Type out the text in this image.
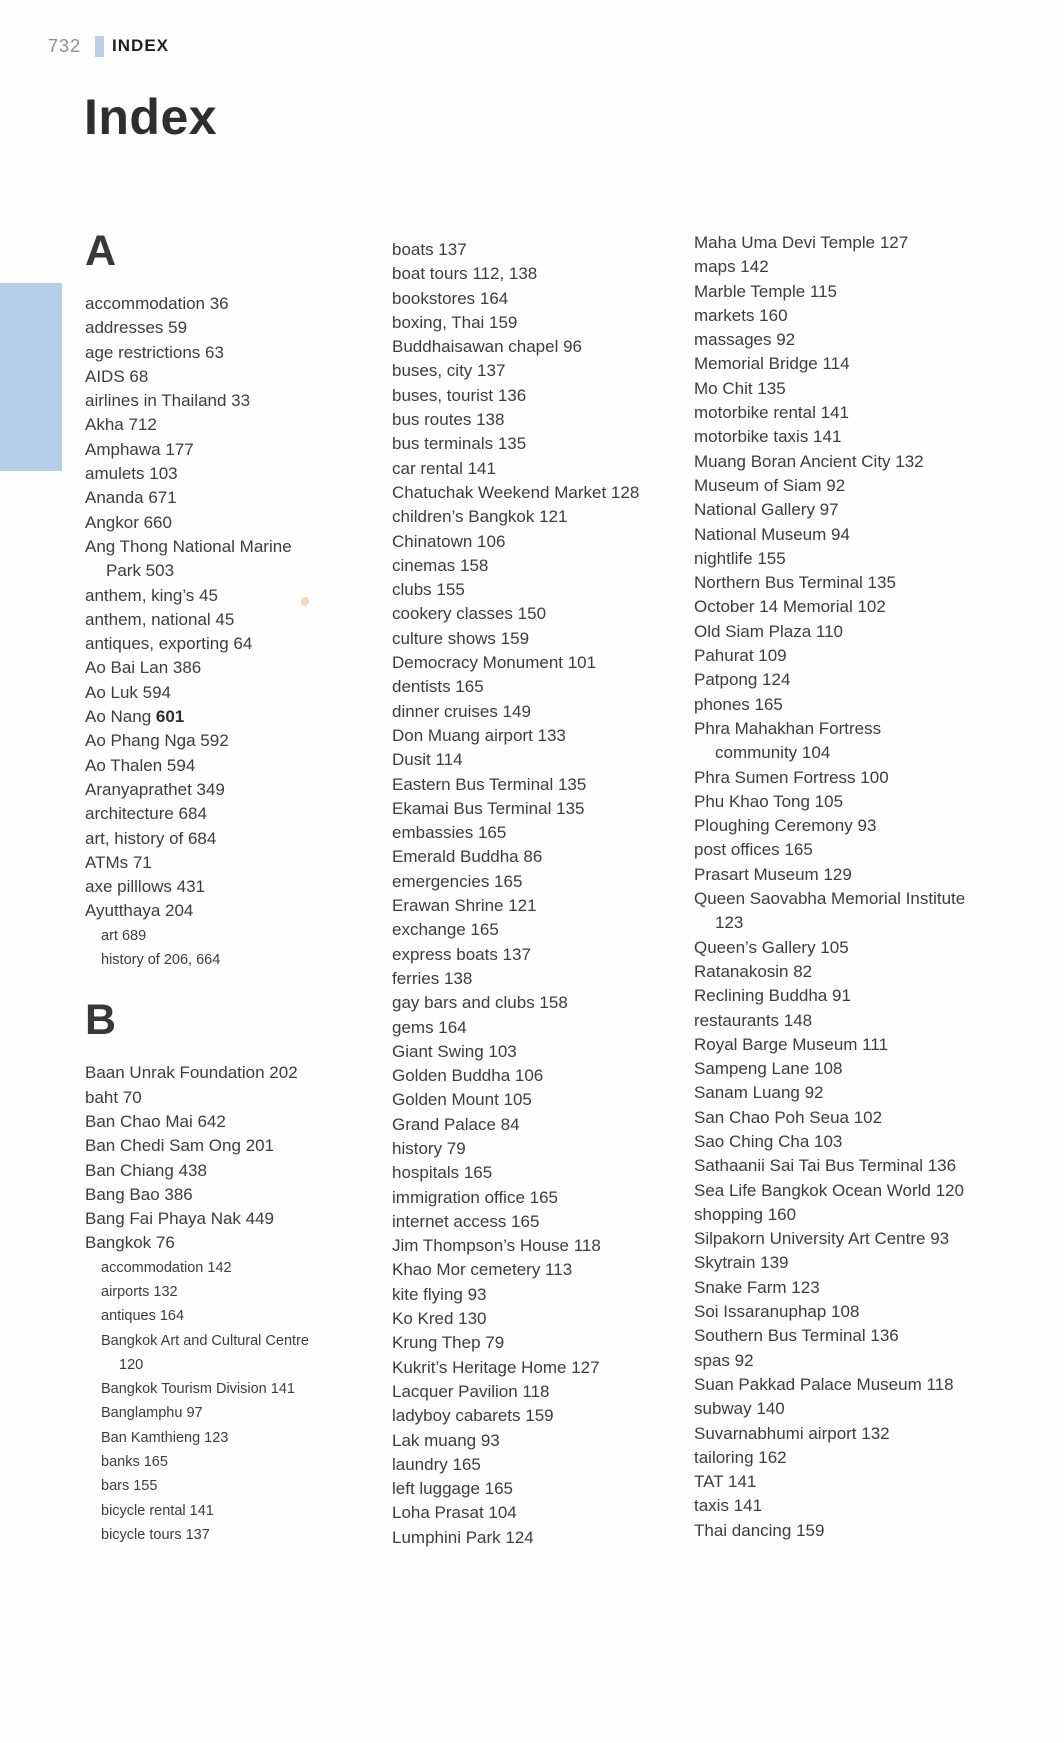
732 INDEX
Index
A
accommodation 36
addresses 59
age restrictions 63
AIDS 68
airlines in Thailand 33
Akha 712
Amphawa 177
amulets 103
Ananda 671
Angkor 660
Ang Thong National Marine
Park 503
anthem, king’s 45
anthem, national 45
antiques, exporting 64
Ao Bai Lan 386
Ao Luk 594
Ao Nang 601
Ao Phang Nga 592
Ao Thalen 594
Aranyaprathet 349
architecture 684
art, history of 684
ATMs 71
axe pilllows 431
Ayutthaya 204
art 689
history of 206, 664
B
Baan Unrak Foundation 202
baht 70
Ban Chao Mai 642
Ban Chedi Sam Ong 201
Ban Chiang 438
Bang Bao 386
Bang Fai Phaya Nak 449
Bangkok 76
accommodation 142
airports 132
antiques 164
Bangkok Art and Cultural Centre
120
Bangkok Tourism Division 141
Banglamphu 97
Ban Kamthieng 123
banks 165
bars 155
bicycle rental 141
bicycle tours 137
boats 137
boat tours 112, 138
bookstores 164
boxing, Thai 159
Buddhaisawan chapel 96
buses, city 137
buses, tourist 136
bus routes 138
bus terminals 135
car rental 141
Chatuchak Weekend Market 128
children’s Bangkok 121
Chinatown 106
cinemas 158
clubs 155
cookery classes 150
culture shows 159
Democracy Monument 101
dentists 165
dinner cruises 149
Don Muang airport 133
Dusit 114
Eastern Bus Terminal 135
Ekamai Bus Terminal 135
embassies 165
Emerald Buddha 86
emergencies 165
Erawan Shrine 121
exchange 165
express boats 137
ferries 138
gay bars and clubs 158
gems 164
Giant Swing 103
Golden Buddha 106
Golden Mount 105
Grand Palace 84
history 79
hospitals 165
immigration office 165
internet access 165
Jim Thompson’s House 118
Khao Mor cemetery 113
kite flying 93
Ko Kred 130
Krung Thep 79
Kukrit’s Heritage Home 127
Lacquer Pavilion 118
ladyboy cabarets 159
Lak muang 93
laundry 165
left luggage 165
Loha Prasat 104
Lumphini Park 124
Maha Uma Devi Temple 127
maps 142
Marble Temple 115
markets 160
massages 92
Memorial Bridge 114
Mo Chit 135
motorbike rental 141
motorbike taxis 141
Muang Boran Ancient City 132
Museum of Siam 92
National Gallery 97
National Museum 94
nightlife 155
Northern Bus Terminal 135
October 14 Memorial 102
Old Siam Plaza 110
Pahurat 109
Patpong 124
phones 165
Phra Mahakhan Fortress
community 104
Phra Sumen Fortress 100
Phu Khao Tong 105
Ploughing Ceremony 93
post offices 165
Prasart Museum 129
Queen Saovabha Memorial Institute
123
Queen’s Gallery 105
Ratanakosin 82
Reclining Buddha 91
restaurants 148
Royal Barge Museum 111
Sampeng Lane 108
Sanam Luang 92
San Chao Poh Seua 102
Sao Ching Cha 103
Sathaanii Sai Tai Bus Terminal 136
Sea Life Bangkok Ocean World 120
shopping 160
Silpakorn University Art Centre 93
Skytrain 139
Snake Farm 123
Soi Issaranuphap 108
Southern Bus Terminal 136
spas 92
Suan Pakkad Palace Museum 118
subway 140
Suvarnabhumi airport 132
tailoring 162
TAT 141
taxis 141
Thai dancing 159
